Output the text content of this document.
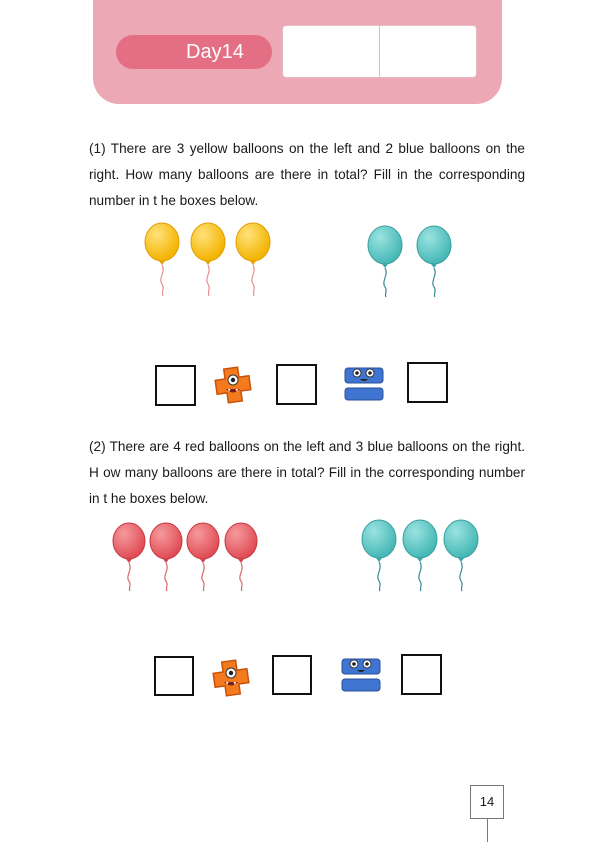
Day14
(1) There are 3 yellow balloons on the left and 2 blue balloons on the right. How many balloons are there in total? Fill in the corresponding number in t he boxes below.
(2) There are 4 red balloons on the left and 3 blue balloons on the right. H ow many balloons are there in total? Fill in the corresponding number in t he boxes below.
14
